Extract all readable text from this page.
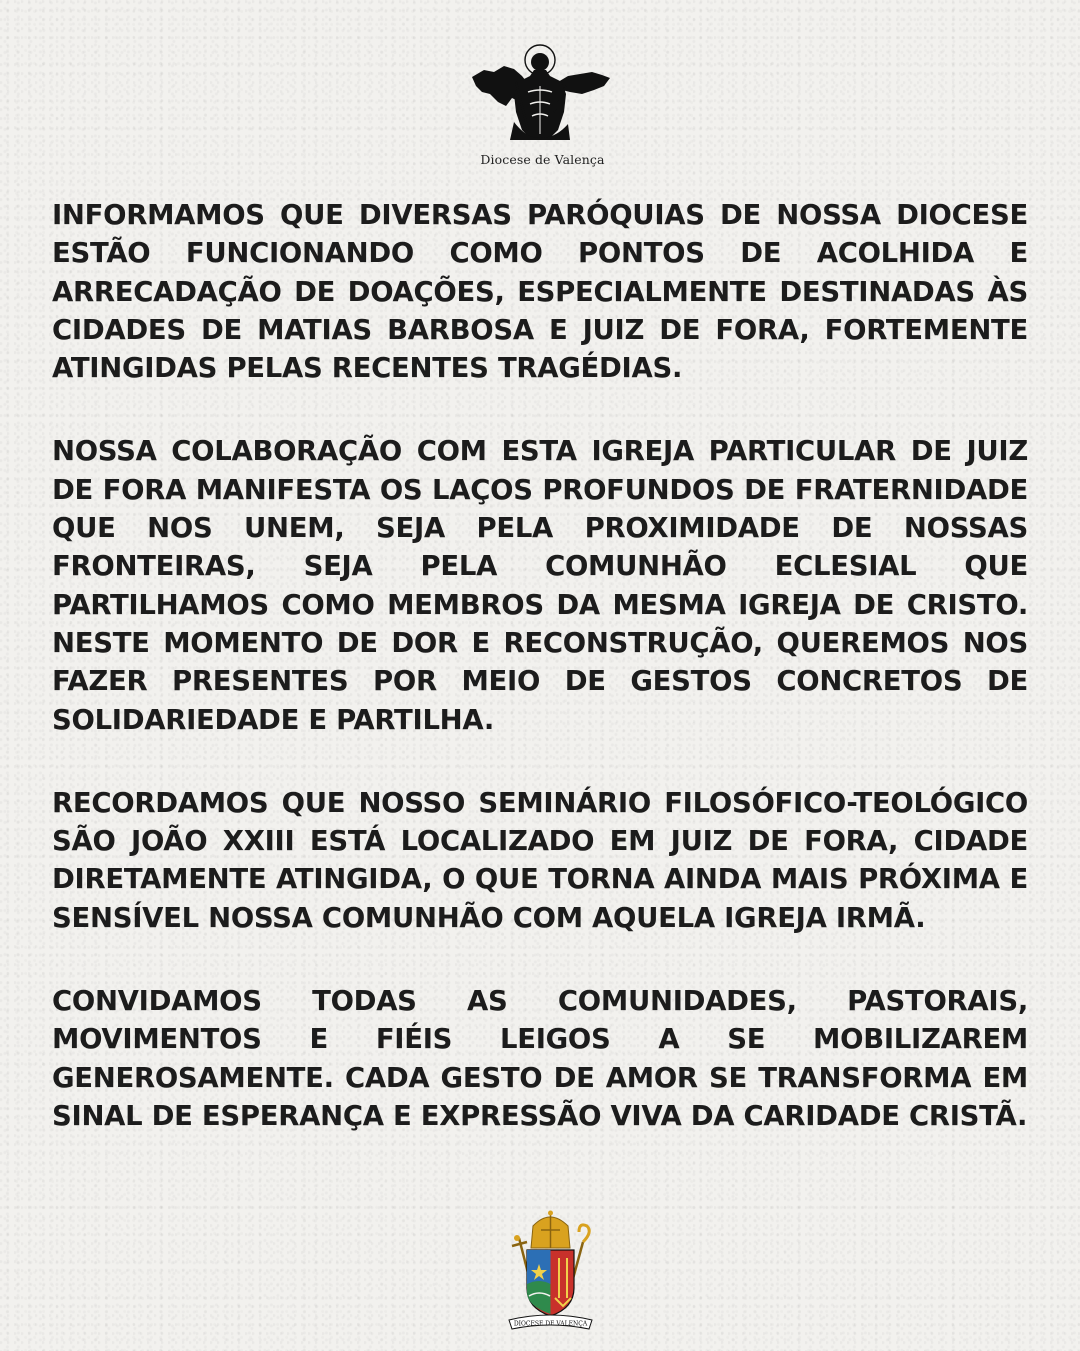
Diocese de Valença

INFORMAMOS QUE DIVERSAS PARÓQUIAS DE NOSSA DIOCESE ESTÃO FUNCIONANDO COMO PONTOS DE ACOLHIDA E ARRECADAÇÃO DE DOAÇÕES, ESPECIALMENTE DESTINADAS ÀS CIDADES DE MATIAS BARBOSA E JUIZ DE FORA, FORTEMENTE ATINGIDAS PELAS RECENTES TRAGÉDIAS.

NOSSA COLABORAÇÃO COM ESTA IGREJA PARTICULAR DE JUIZ DE FORA MANIFESTA OS LAÇOS PROFUNDOS DE FRATERNIDADE QUE NOS UNEM, SEJA PELA PROXIMIDADE DE NOSSAS FRONTEIRAS, SEJA PELA COMUNHÃO ECLESIAL QUE PARTILHAMOS COMO MEMBROS DA MESMA IGREJA DE CRISTO. NESTE MOMENTO DE DOR E RECONSTRUÇÃO, QUEREMOS NOS FAZER PRESENTES POR MEIO DE GESTOS CONCRETOS DE SOLIDARIEDADE E PARTILHA.

RECORDAMOS QUE NOSSO SEMINÁRIO FILOSÓFICO-TEOLÓGICO SÃO JOÃO XXIII ESTÁ LOCALIZADO EM JUIZ DE FORA, CIDADE DIRETAMENTE ATINGIDA, O QUE TORNA AINDA MAIS PRÓXIMA E SENSÍVEL NOSSA COMUNHÃO COM AQUELA IGREJA IRMÃ.

CONVIDAMOS TODAS AS COMUNIDADES, PASTORAIS, MOVIMENTOS E FIÉIS LEIGOS A SE MOBILIZAREM GENEROSAMENTE. CADA GESTO DE AMOR SE TRANSFORMA EM SINAL DE ESPERANÇA E EXPRESSÃO VIVA DA CARIDADE CRISTÃ.

DIOCESE DE VALENÇA
